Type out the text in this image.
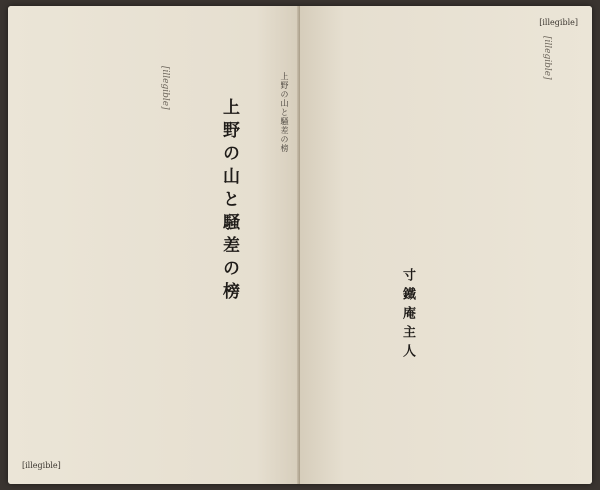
上野の山と騒差の榜
[illegible]
上野の山と騒差の榜
[illegible]
[illegible]
寸鐵庵主人
[illegible]
